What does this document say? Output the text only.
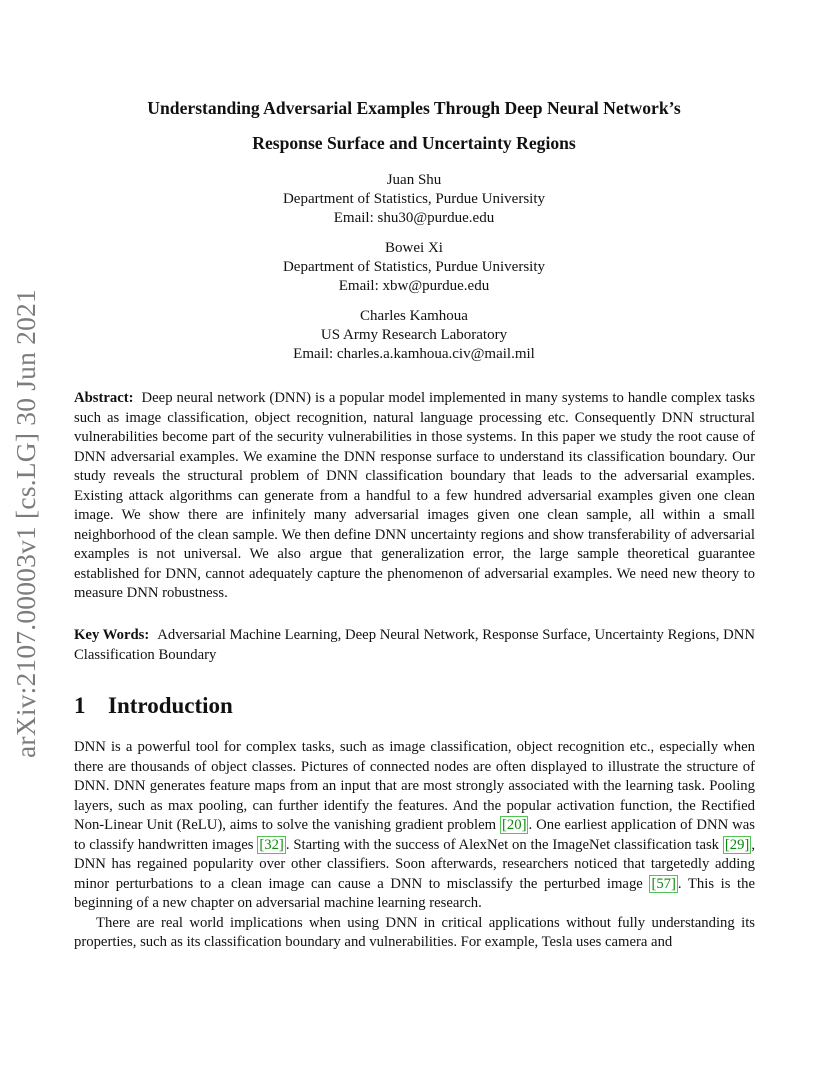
arXiv:2107.00003v1 [cs.LG] 30 Jun 2021
Understanding Adversarial Examples Through Deep Neural Network’s
Response Surface and Uncertainty Regions
Juan Shu
Department of Statistics, Purdue University
Email: shu30@purdue.edu
Bowei Xi
Department of Statistics, Purdue University
Email: xbw@purdue.edu
Charles Kamhoua
US Army Research Laboratory
Email: charles.a.kamhoua.civ@mail.mil
Abstract: Deep neural network (DNN) is a popular model implemented in many systems to handle complex tasks such as image classification, object recognition, natural language processing etc. Consequently DNN structural vulnerabilities become part of the security vulnerabilities in those systems. In this paper we study the root cause of DNN adversarial examples. We examine the DNN response surface to understand its classification boundary. Our study reveals the structural problem of DNN classification boundary that leads to the adversarial examples. Existing attack algorithms can generate from a handful to a few hundred adversarial examples given one clean image. We show there are infinitely many adversarial images given one clean sample, all within a small neighborhood of the clean sample. We then define DNN uncertainty regions and show transferability of adversarial examples is not universal. We also argue that generalization error, the large sample theoretical guarantee established for DNN, cannot adequately capture the phenomenon of adversarial examples. We need new theory to measure DNN robustness.
Key Words: Adversarial Machine Learning, Deep Neural Network, Response Surface, Uncertainty Regions, DNN Classification Boundary
1 Introduction

DNN is a powerful tool for complex tasks, such as image classification, object recognition etc., especially when there are thousands of object classes. Pictures of connected nodes are often displayed to illustrate the structure of DNN. DNN generates feature maps from an input that are most strongly associated with the learning task. Pooling layers, such as max pooling, can further identify the features. And the popular activation function, the Rectified Non-Linear Unit (ReLU), aims to solve the vanishing gradient problem [20] . One earliest application of DNN was to classify handwritten images [32] . Starting with the success of AlexNet on the ImageNet classification task [29] , DNN has regained popularity over other classifiers. Soon afterwards, researchers noticed that targetedly adding minor perturbations to a clean image can cause a DNN to misclassify the perturbed image [57] . This is the beginning of a new chapter on adversarial machine learning research.

There are real world implications when using DNN in critical applications without fully understanding its properties, such as its classification boundary and vulnerabilities. For example, Tesla uses camera and
